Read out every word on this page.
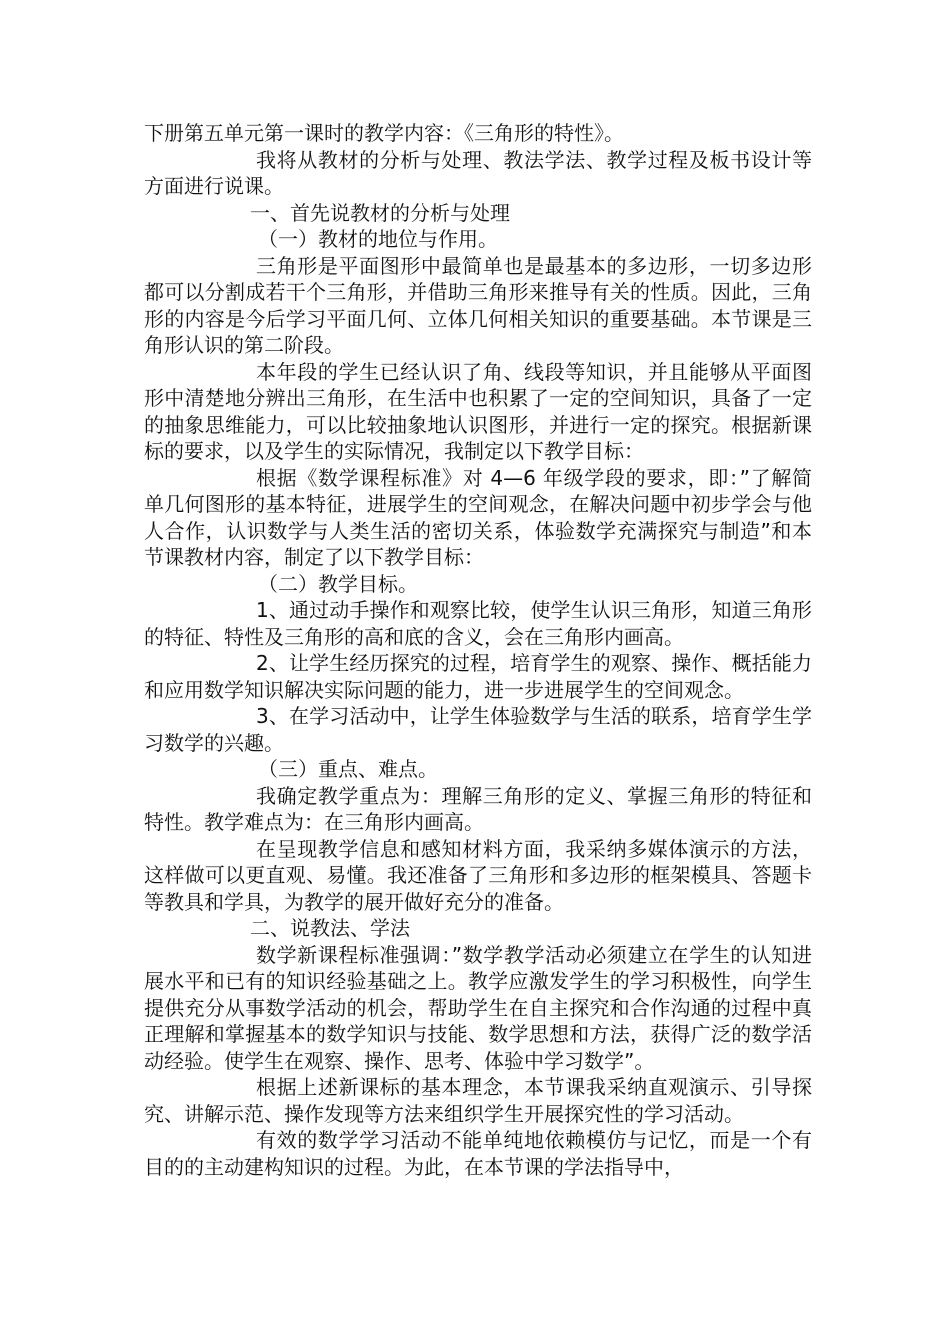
下册第五单元第一课时的教学内容：《三角形的特性》。

我将从教材的分析与处理、教法学法、教学过程及板书设计等方面进行说课。

一、首先说教材的分析与处理

（一）教材的地位与作用。

三角形是平面图形中最简单也是最基本的多边形，一切多边形都可以分割成若干个三角形，并借助三角形来推导有关的性质。因此，三角形的内容是今后学习平面几何、立体几何相关知识的重要基础。本节课是三角形认识的第二阶段。

本年段的学生已经认识了角、线段等知识，并且能够从平面图形中清楚地分辨出三角形，在生活中也积累了一定的空间知识，具备了一定的抽象思维能力，可以比较抽象地认识图形，并进行一定的探究。根据新课标的要求，以及学生的实际情况，我制定以下教学目标：

根据《数学课程标准》对 4—6 年级学段的要求，即：”了解简单几何图形的基本特征，进展学生的空间观念，在解决问题中初步学会与他人合作，认识数学与人类生活的密切关系，体验数学充满探究与制造”和本节课教材内容，制定了以下教学目标：

（二）教学目标。

1、通过动手操作和观察比较，使学生认识三角形，知道三角形的特征、特性及三角形的高和底的含义，会在三角形内画高。

2、让学生经历探究的过程，培育学生的观察、操作、概括能力和应用数学知识解决实际问题的能力，进一步进展学生的空间观念。

3、在学习活动中，让学生体验数学与生活的联系，培育学生学习数学的兴趣。

（三）重点、难点。

我确定教学重点为：理解三角形的定义、掌握三角形的特征和特性。教学难点为：在三角形内画高。

在呈现教学信息和感知材料方面，我采纳多媒体演示的方法，这样做可以更直观、易懂。我还准备了三角形和多边形的框架模具、答题卡等教具和学具，为教学的展开做好充分的准备。

二、说教法、学法

数学新课程标准强调：”数学教学活动必须建立在学生的认知进展水平和已有的知识经验基础之上。教学应激发学生的学习积极性，向学生提供充分从事数学活动的机会，帮助学生在自主探究和合作沟通的过程中真正理解和掌握基本的数学知识与技能、数学思想和方法，获得广泛的数学活动经验。使学生在观察、操作、思考、体验中学习数学”。

根据上述新课标的基本理念，本节课我采纳直观演示、引导探究、讲解示范、操作发现等方法来组织学生开展探究性的学习活动。

有效的数学学习活动不能单纯地依赖模仿与记忆，而是一个有目的的主动建构知识的过程。为此，在本节课的学法指导中，
